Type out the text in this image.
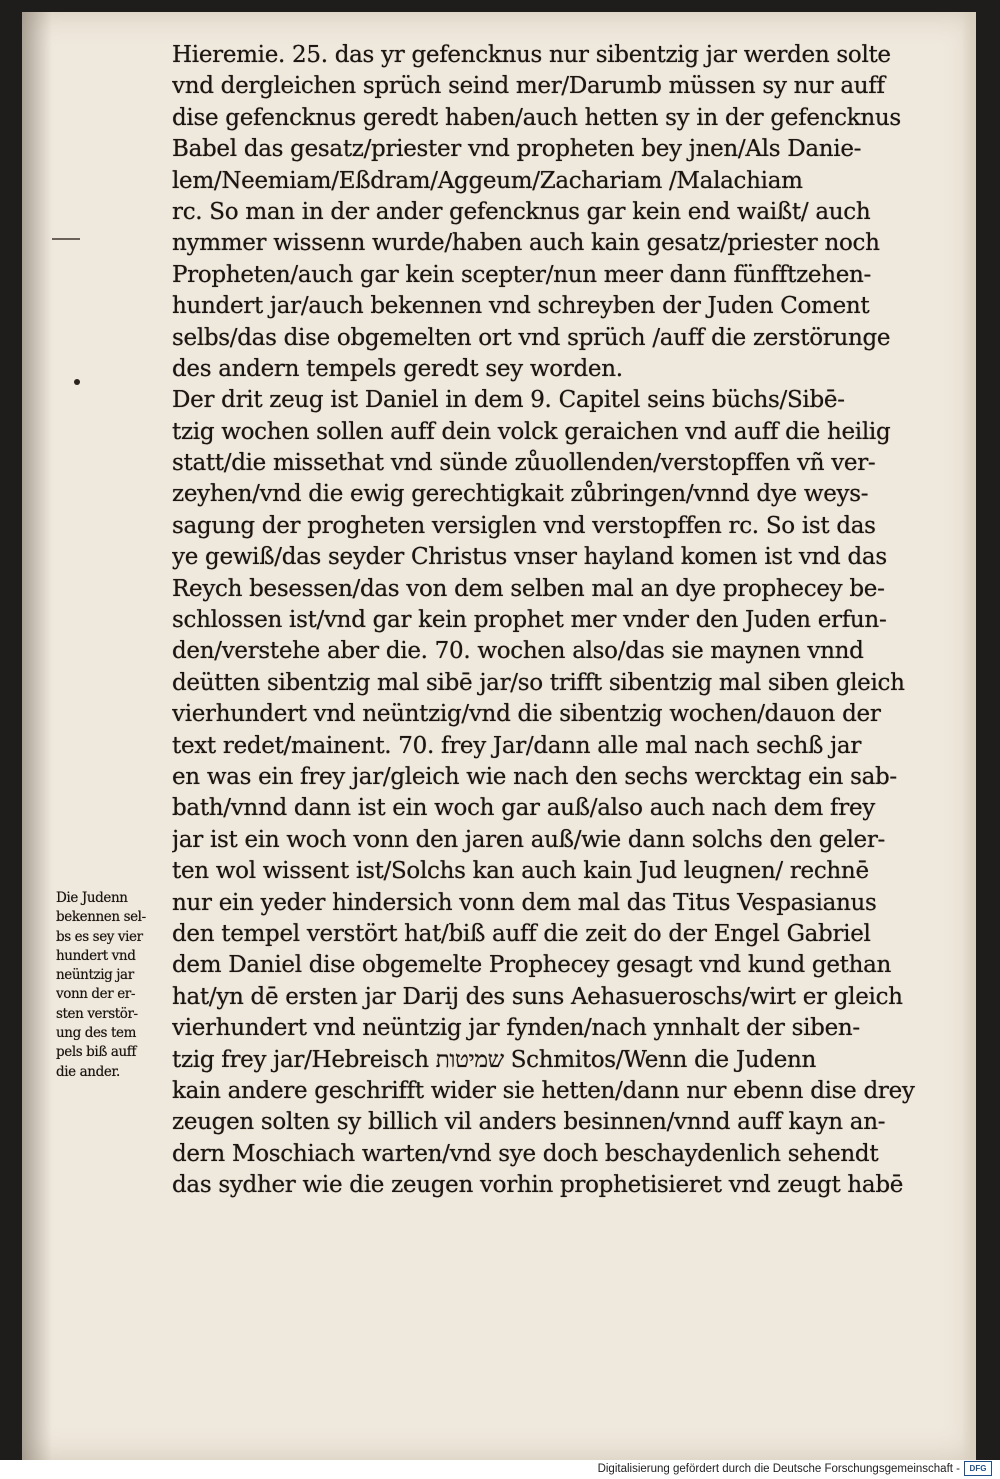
Hieremie. 25. das yr gefencknus nur sibentzig jar werden solte
vnd dergleichen sprüch seind mer/Darumb müssen sy nur auff
dise gefencknus geredt haben/auch hetten sy in der gefencknus
Babel das gesatz/priester vnd propheten bey jnen/Als Danie-
lem/Neemiam/Eßdram/Aggeum/Zachariam /Malachiam
rc. So man in der ander gefencknus gar kein end waißt/ auch
nymmer wissenn wurde/haben auch kain gesatz/priester noch
Propheten/auch gar kein scepter/nun meer dann fünfftzehen-
hundert jar/auch bekennen vnd schreyben der Juden Coment
selbs/das dise obgemelten ort vnd sprüch /auff die zerstörunge
des andern tempels geredt sey worden.
Der drit zeug ist Daniel in dem 9. Capitel seins büchs/Sibē-
tzig wochen sollen auff dein volck geraichen vnd auff die heilig
statt/die missethat vnd sünde zůuollenden/verstopffen vñ ver-
zeyhen/vnd die ewig gerechtigkait zůbringen/vnnd dye weys-
sagung der progheten versiglen vnd verstopffen rc. So ist das
ye gewiß/das seyder Christus vnser hayland komen ist vnd das
Reych besessen/das von dem selben mal an dye prophecey be-
schlossen ist/vnd gar kein prophet mer vnder den Juden erfun-
den/verstehe aber die. 70. wochen also/das sie maynen vnnd
deütten sibentzig mal sibē jar/so trifft sibentzig mal siben gleich
vierhundert vnd neüntzig/vnd die sibentzig wochen/dauon der
text redet/mainent. 70. frey Jar/dann alle mal nach sechß jar
en was ein frey jar/gleich wie nach den sechs wercktag ein sab-
bath/vnnd dann ist ein woch gar auß/also auch nach dem frey
jar ist ein woch vonn den jaren auß/wie dann solchs den geler-
ten wol wissent ist/Solchs kan auch kain Jud leugnen/ rechnē
nur ein yeder hindersich vonn dem mal das Titus Vespasianus
den tempel verstört hat/biß auff die zeit do der Engel Gabriel
dem Daniel dise obgemelte Prophecey gesagt vnd kund gethan
hat/yn dē ersten jar Darij des suns Aehasueroschs/wirt er gleich
vierhundert vnd neüntzig jar fynden/nach ynnhalt der siben-
tzig frey jar/Hebreisch שמיטות Schmitos/Wenn die Judenn
kain andere geschrifft wider sie hetten/dann nur ebenn dise drey
zeugen solten sy billich vil anders besinnen/vnnd auff kayn an-
dern Moschiach warten/vnd sye doch beschaydenlich sehendt
das sydher wie die zeugen vorhin prophetisieret vnd zeugt habē
Die Judenn
bekennen sel-
bs es sey vier
hundert vnd
neüntzig jar
vonn der er-
sten verstör-
ung des tem
pels biß auff
die ander.
Digitalisierung gefördert durch die Deutsche Forschungsgemeinschaft -	DFG
